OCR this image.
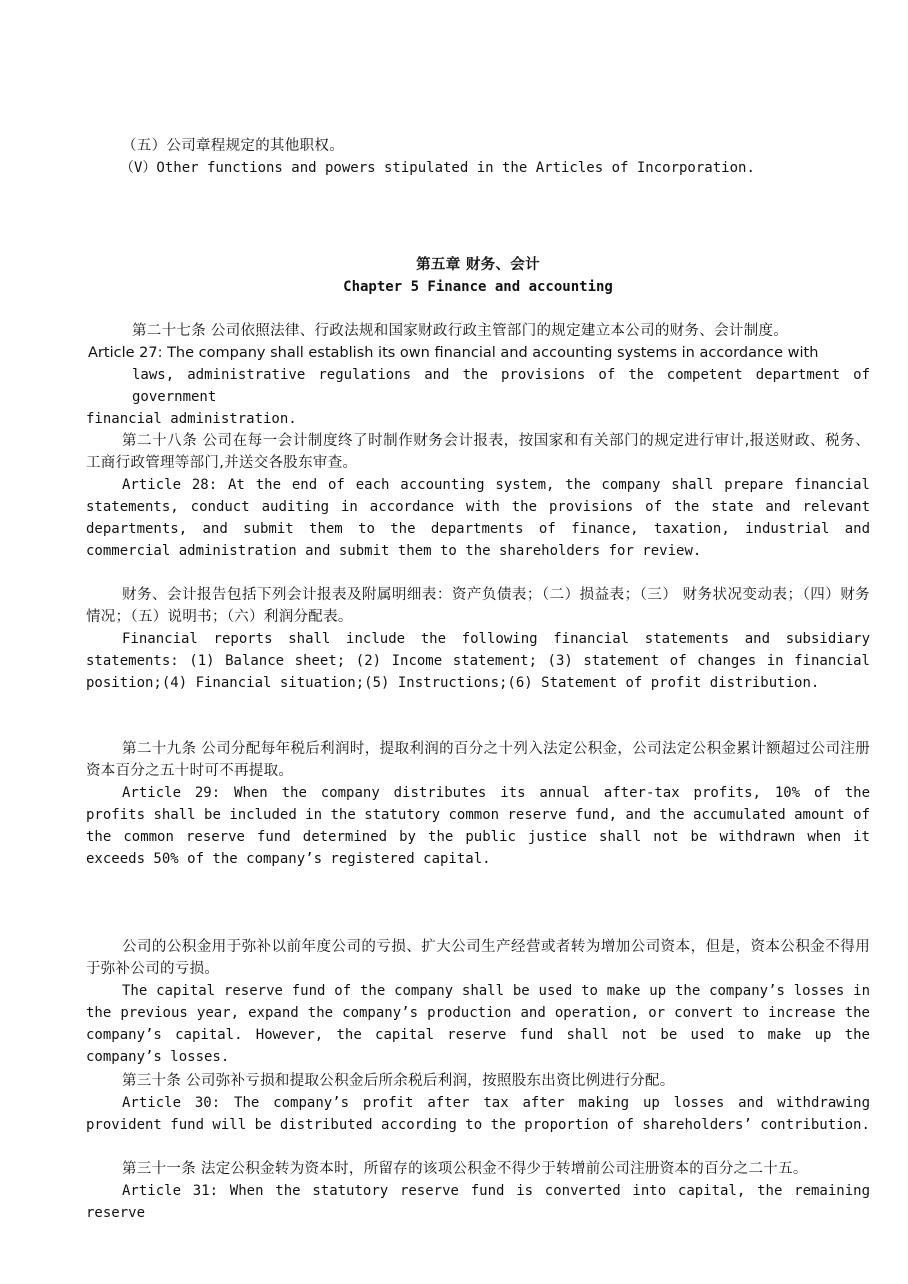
（五）公司章程规定的其他职权。

（V）Other functions and powers stipulated in the Articles of Incorporation.

第五章 财务、会计

Chapter 5 Finance and accounting

第二十七条 公司依照法律、行政法规和国家财政行政主管部门的规定建立本公司的财务、会计制度。

Article 27: The company shall establish its own financial and accounting systems in accordance with

laws, administrative regulations and the provisions of the competent department of government

financial administration.

第二十八条 公司在每一会计制度终了时制作财务会计报表，按国家和有关部门的规定进行审计,报送财政、税务、工商行政管理等部门,并送交各股东审查。

Article 28: At the end of each accounting system, the company shall prepare financial statements, conduct auditing in accordance with the provisions of the state and relevant departments, and submit them to the departments of finance, taxation, industrial and commercial administration and submit them to the shareholders for review.

财务、会计报告包括下列会计报表及附属明细表：资产负债表；（二）损益表；（三） 财务状况变动表；（四）财务情况；（五）说明书；（六）利润分配表。

Financial reports shall include the following financial statements and subsidiary statements: (1) Balance sheet; (2) Income statement; (3) statement of changes in financial position;(4) Financial situation;(5) Instructions;(6) Statement of profit distribution.

第二十九条 公司分配每年税后利润时，提取利润的百分之十列入法定公积金，公司法定公积金累计额超过公司注册资本百分之五十时可不再提取。

Article 29: When the company distributes its annual after-tax profits, 10% of the profits shall be included in the statutory common reserve fund, and the accumulated amount of the common reserve fund determined by the public justice shall not be withdrawn when it exceeds 50% of the company’s registered capital.

公司的公积金用于弥补以前年度公司的亏损、扩大公司生产经营或者转为增加公司资本，但是，资本公积金不得用于弥补公司的亏损。

The capital reserve fund of the company shall be used to make up the company’s losses in the previous year, expand the company’s production and operation, or convert to increase the company’s capital. However, the capital reserve fund shall not be used to make up the company’s losses.

第三十条 公司弥补亏损和提取公积金后所余税后利润，按照股东出资比例进行分配。

Article 30: The company’s profit after tax after making up losses and withdrawing provident fund will be distributed according to the proportion of shareholders’ contribution.

第三十一条 法定公积金转为资本时，所留存的该项公积金不得少于转增前公司注册资本的百分之二十五。

Article 31: When the statutory reserve fund is converted into capital, the remaining reserve
